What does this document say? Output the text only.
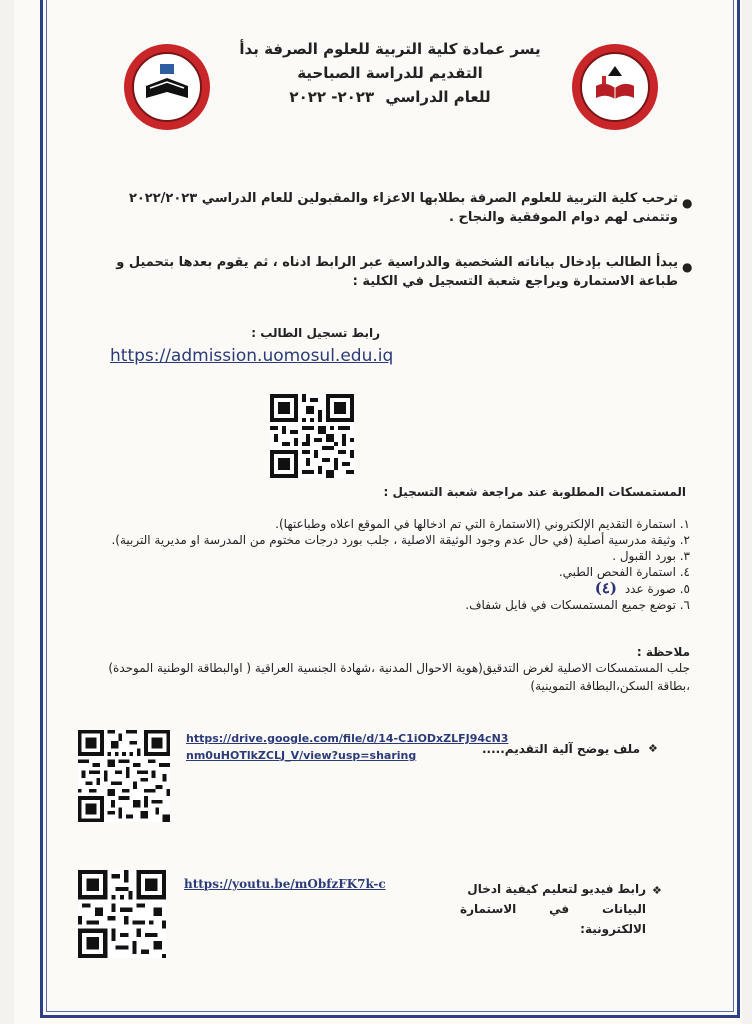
يسر عمادة كلية التربية للعلوم الصرفة بدأ
التقديم للدراسة الصباحية
للعام الدراسي ٢٠٢٣- ٢٠٢٢
●
ترحب كلية التربية للعلوم الصرفة بطلابها الاعزاء والمقبولين للعام الدراسي ٢٠٢٢/٢٠٢٣ وتتمنى لهم دوام الموفقية والنجاح .
●
يبدأ الطالب بإدخال بياناته الشخصية والدراسية عبر الرابط ادناه ، ثم يقوم بعدها بتحميل و طباعة الاستمارة ويراجع شعبة التسجيل في الكلية :
رابط تسجيل الطالب :
https://admission.uomosul.edu.iq
المستمسكات المطلوبة عند مراجعة شعبة التسجيل :
١. استمارة التقديم الإلكتروني (الاستمارة التي تم ادخالها في الموقع اعلاه وطباعتها).
٢. وثيقة مدرسية أصلية (في حال عدم وجود الوثيقة الاصلية ، جلب بورد درجات مختوم من المدرسة او مديرية التربية).
٣. بورد القبول .
٤. استمارة الفحص الطبي.
٥. صورة عدد (٤)
٦. توضع جميع المستمسكات في فايل شفاف.
ملاحظة :
جلب المستمسكات الاصلية لغرض التدقيق(هوية الاحوال المدنية ،شهادة الجنسية العراقية ( اوالبطاقة الوطنية الموحدة)
،بطاقة السكن،البطاقة التموينية)
https://drive.google.com/file/d/14-C1iODxZLFJ94cN3nm0uHOTlkZCLJ_V/view?usp=sharing
❖
ملف يوضح آلية التقديم.....
https://youtu.be/mObfzFK7k-c	❖
رابط فيديو لتعليم كيفية ادخال
البيانات في الاستمارة
الالكترونية:
